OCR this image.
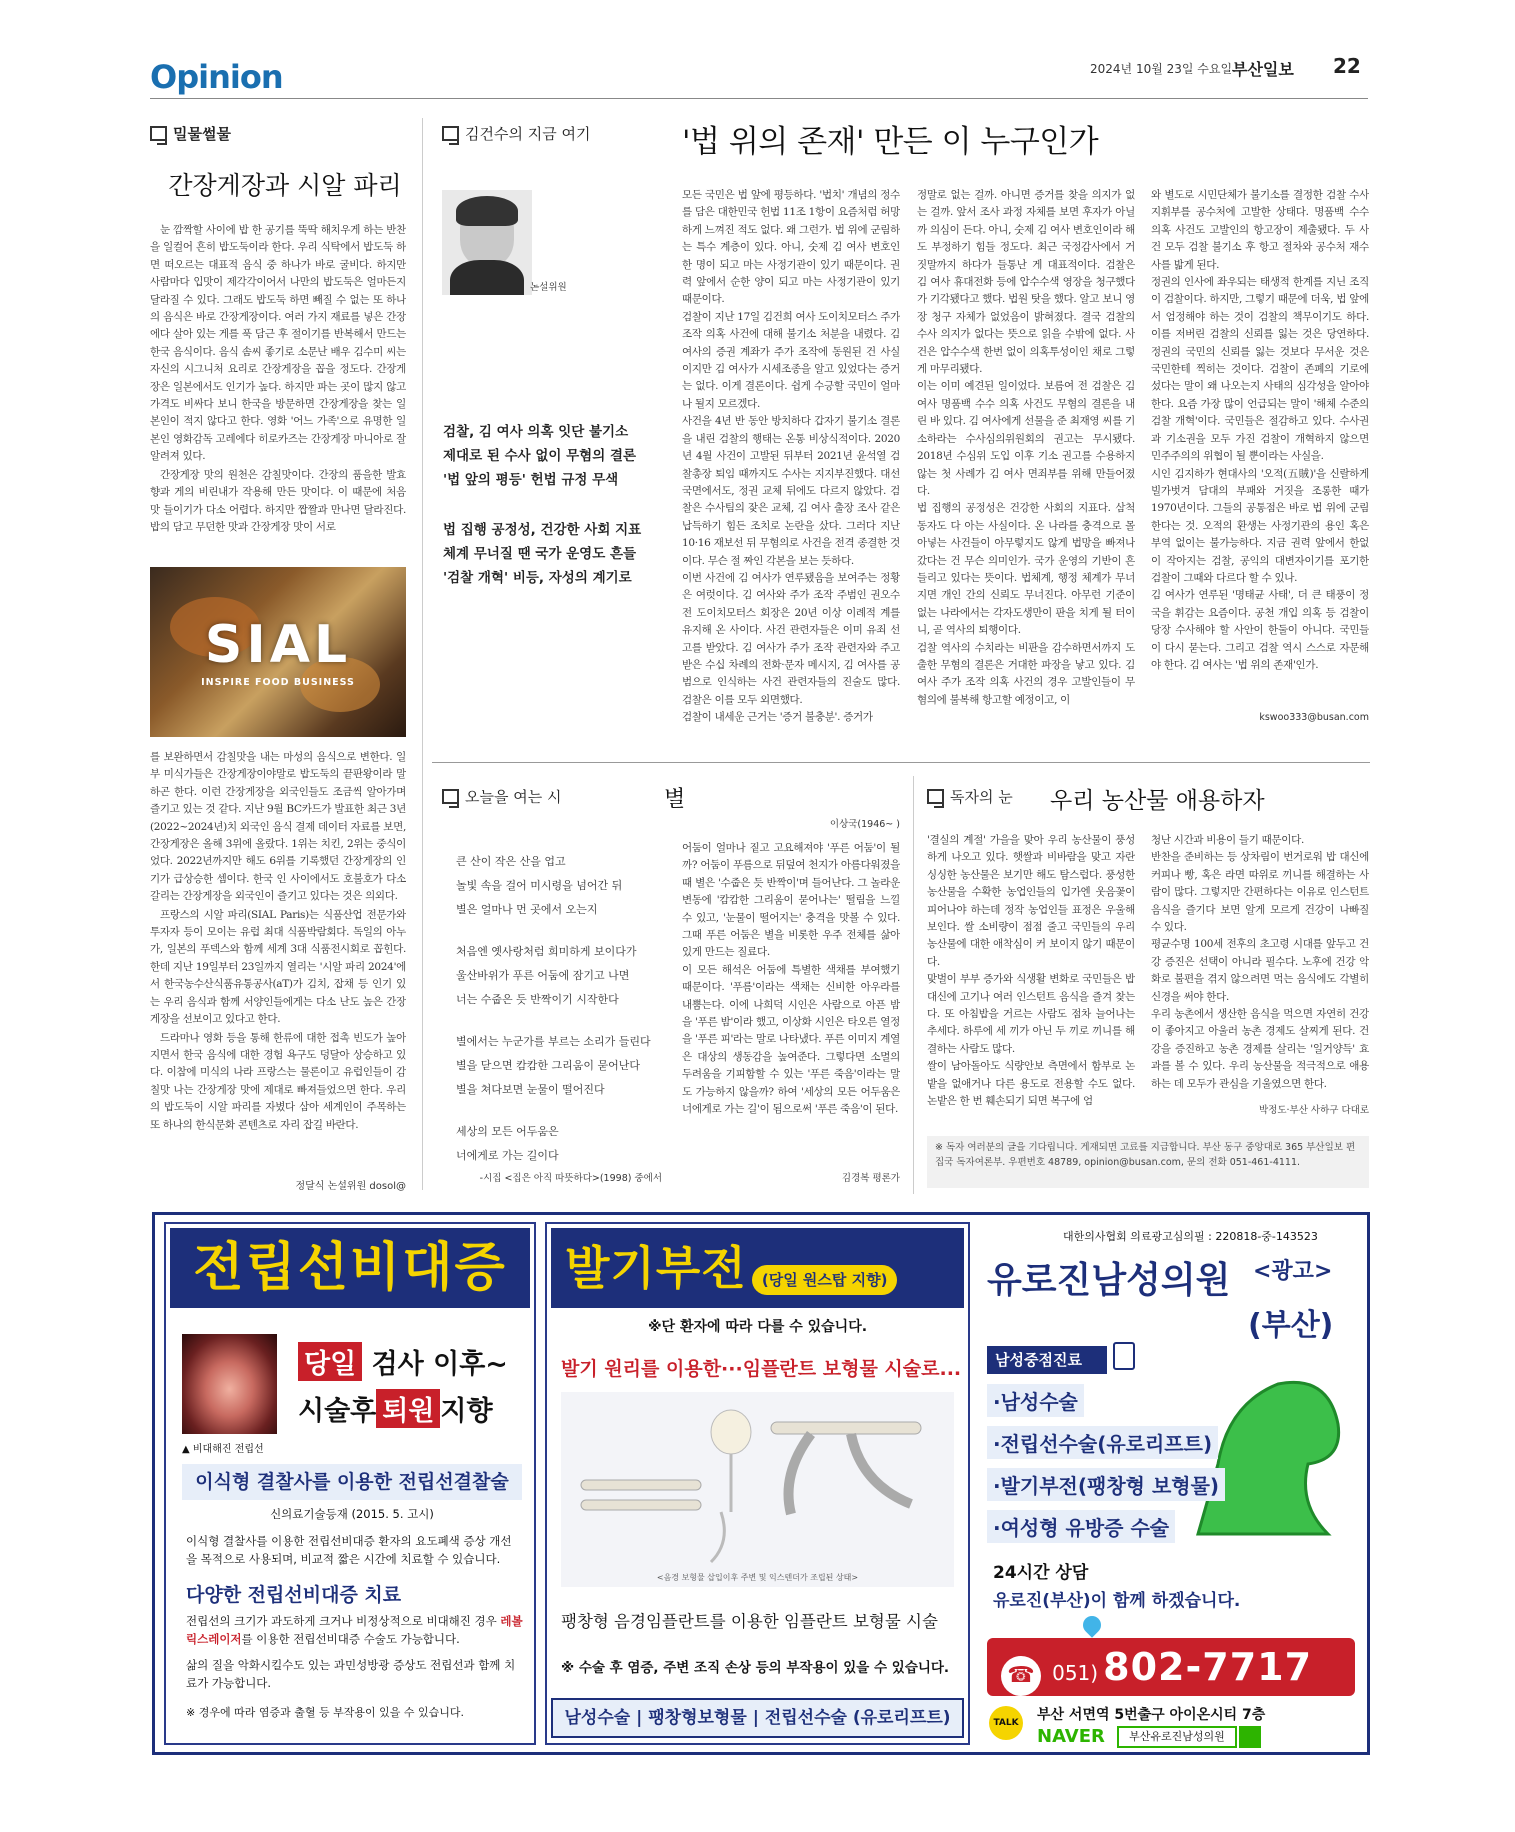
Opinion	2024년 10월 23일 수요일 부산일보 22
밀물썰물
간장게장과 시알 파리

눈 깜짝할 사이에 밥 한 공기를 뚝딱 해치우게 하는 반찬을 일컬어 흔히 밥도둑이라 한다. 우리 식탁에서 밥도둑 하면 떠오르는 대표적 음식 중 하나가 바로 굴비다. 하지만 사람마다 입맛이 제각각이어서 나만의 밥도둑은 얼마든지 달라질 수 있다. 그래도 밥도둑 하면 빼질 수 없는 또 하나의 음식은 바로 간장게장이다. 여러 가지 재료를 넣은 간장에다 살아 있는 게를 푹 담근 후 절이기를 반복해서 만드는 한국 음식이다. 음식 솜씨 좋기로 소문난 배우 김수미 씨는 자신의 시그니처 요리로 간장게장을 꼽을 정도다. 간장게장은 일본에서도 인기가 높다. 하지만 파는 곳이 많지 않고 가격도 비싸다 보니 한국을 방문하면 간장게장을 찾는 일본인이 적지 않다고 한다. 영화 '어느 가족'으로 유명한 일본인 영화감독 고레에다 히로카즈는 간장게장 마니아로 잘 알려져 있다.

간장게장 맛의 원천은 감칠맛이다. 간장의 품을한 발효 향과 게의 비린내가 작용해 만든 맛이다. 이 때문에 처음 맛 들이기가 다소 어렵다. 하지만 짭짤과 만나면 달라진다. 밥의 담고 무던한 맛과 간장게장 맛이 서로

SIAL
INSPIRE FOOD BUSINESS

를 보완하면서 감칠맛을 내는 마성의 음식으로 변한다. 일부 미식가들은 간장게장이야말로 밥도둑의 끝판왕이라 말하곤 한다. 이런 간장게장을 외국인들도 조금씩 알아가며 즐기고 있는 것 같다. 지난 9월 BC카드가 발표한 최근 3년(2022~2024년)치 외국인 음식 결제 데이터 자료를 보면, 간장게장은 올해 3위에 올랐다. 1위는 치킨, 2위는 중식이었다. 2022년까지만 해도 6위를 기록했던 간장게장의 인기가 급상승한 셈이다. 한국 인 사이에서도 호불호가 다소 갈리는 간장게장을 외국인이 즐기고 있다는 것은 의외다.

프랑스의 시알 파리(SIAL Paris)는 식품산업 전문가와 투자자 등이 모이는 유럽 최대 식품박람회다. 독일의 아누가, 일본의 푸덱스와 함께 세계 3대 식품전시회로 꼽힌다. 한데 지난 19일부터 23일까지 열리는 '시알 파리 2024'에서 한국농수산식품유통공사(aT)가 김치, 잡채 등 인기 있는 우리 음식과 함께 서양인들에게는 다소 난도 높은 간장게장을 선보이고 있다고 한다.

드라마나 영화 등을 통해 한류에 대한 접촉 빈도가 높아지면서 한국 음식에 대한 경험 욕구도 덩달아 상승하고 있다. 이참에 미식의 나라 프랑스는 물론이고 유럽인들이 감칠맛 나는 간장게장 맛에 제대로 빠져들었으면 한다. 우리의 밥도둑이 시알 파리를 자볐다 삼아 세계인이 주목하는 또 하나의 한식문화 콘텐츠로 자리 잡길 바란다.

정달식 논설위원 dosol@
김건수의 지금 여기	'법 위의 존재' 만든 이 누구인가
논설위원
검찰, 김 여사 의혹 잇단 불기소
제대로 된 수사 없이 무혐의 결론
'법 앞의 평등' 헌법 규정 무색
법 집행 공정성, 건강한 사회 지표
체계 무너질 땐 국가 운영도 흔들
'검찰 개혁' 비등, 자성의 계기로
모든 국민은 법 앞에 평등하다. '법치' 개념의 정수를 담은 대한민국 헌법 11조 1항이 요즘처럼 허망하게 느껴진 적도 없다. 왜 그런가. 법 위에 군림하는 특수 계층이 있다. 아니, 숫제 김 여사 변호인 한 명이 되고 마는 사정기관이 있기 때문이다. 권력 앞에서 순한 양이 되고 마는 사정기관이 있기 때문이다.
검찰이 지난 17일 김건희 여사 도이치모터스 주가 조작 의혹 사건에 대해 불기소 처분을 내렸다. 김 여사의 증권 계좌가 주가 조작에 동원된 건 사실이지만 김 여사가 시세조종을 알고 있었다는 증거는 없다. 이게 결론이다. 쉽게 수긍할 국민이 얼마나 될지 모르겠다.
사건을 4년 반 동안 방치하다 갑자기 불기소 결론을 내린 검찰의 행태는 온통 비상식적이다. 2020년 4월 사건이 고발된 뒤부터 2021년 윤석열 검찰총장 퇴임 때까지도 수사는 지지부진했다. 대선 국면에서도, 정권 교체 뒤에도 다르지 않았다. 검찰은 수사팀의 잦은 교체, 김 여사 출장 조사 같은 납득하기 힘든 조치로 논란을 샀다. 그러다 지난 10·16 재보선 뒤 무혐의로 사건을 전격 종결한 것이다. 무슨 절 짜인 각본을 보는 듯하다.
이번 사건에 김 여사가 연루됐음을 보여주는 정황은 여럿이다. 김 여사와 주가 조작 주범인 권오수 전 도이치모터스 회장은 20년 이상 이례적 계를 유지해 온 사이다. 사건 관련자들은 이미 유죄 선고를 받았다. 김 여사가 주가 조작 관련자와 주고받은 수십 차례의 전화·문자 메시지, 김 여사를 공범으로 인식하는 사건 관련자들의 진술도 많다. 검찰은 이를 모두 외면했다.
검찰이 내세운 근거는 '증거 불충분'. 증거가
정말로 없는 걸까. 아니면 증거를 찾을 의지가 없는 걸까. 앞서 조사 과정 자체를 보면 후자가 아닐까 의심이 든다. 아니, 숫제 김 여사 변호인이라 해도 부정하기 힘들 정도다. 최근 국정감사에서 거짓말까지 하다가 들통난 게 대표적이다. 검찰은 김 여사 휴대전화 등에 압수수색 영장을 청구했다가 기각됐다고 했다. 법원 탓을 했다. 알고 보니 영장 청구 자체가 없었음이 밝혀졌다. 결국 검찰의 수사 의지가 없다는 뜻으로 읽을 수밖에 없다. 사건은 압수수색 한번 없이 의혹투성이인 채로 그렇게 마무리됐다.
이는 이미 예견된 일이었다. 보름여 전 검찰은 김 여사 명품백 수수 의혹 사건도 무혐의 결론을 내린 바 있다. 김 여사에게 선물을 준 최재영 씨를 기소하라는 수사심의위원회의 권고는 무시됐다. 2018년 수심위 도입 이후 기소 권고를 수용하지 않는 첫 사례가 김 여사 면죄부를 위해 만들어졌다.
법 집행의 공정성은 건강한 사회의 지표다. 삼척동자도 다 아는 사실이다. 온 나라를 충격으로 몰아넣는 사건들이 아무렇지도 않게 법망을 빠져나갔다는 건 무슨 의미인가. 국가 운영의 기반이 흔들리고 있다는 뜻이다. 법체계, 행정 체계가 무너지면 개인 간의 신뢰도 무너진다. 아무런 기준이 없는 나라에서는 각자도생만이 판을 치게 될 터이니, 곧 역사의 퇴행이다.
검찰 역사의 수치라는 비판을 감수하면서까지 도출한 무혐의 결론은 거대한 파장을 낳고 있다. 김 여사 주가 조작 의혹 사건의 경우 고발인들이 무혐의에 불복해 항고할 예정이고, 이
와 별도로 시민단체가 불기소를 결정한 검찰 수사 지휘부를 공수처에 고발한 상태다. 명품백 수수 의혹 사건도 고발인의 항고장이 제출됐다. 두 사건 모두 검찰 불기소 후 항고 절차와 공수처 재수사를 밟게 된다.
정권의 인사에 좌우되는 태생적 한계를 지닌 조직이 검찰이다. 하지만, 그렇기 때문에 더욱, 법 앞에서 엄정해야 하는 것이 검찰의 책무이기도 하다. 이를 저버린 검찰의 신뢰를 잃는 것은 당연하다. 정권의 국민의 신뢰를 잃는 것보다 무서운 것은 국민한테 찍히는 것이다. 검찰이 존폐의 기로에 섰다는 말이 왜 나오는지 사태의 심각성을 알아야 한다. 요즘 가장 많이 언급되는 말이 '해체 수준의 검찰 개혁'이다. 국민들은 절감하고 있다. 수사권과 기소권을 모두 가진 검찰이 개혁하지 않으면 민주주의의 위협이 될 뿐이라는 사실을.
시인 김지하가 현대사의 '오적(五賊)'을 신랄하게 빌가벗겨 담대의 부패와 거짓을 조롱한 때가 1970년이다. 그들의 공통점은 바로 법 위에 군림한다는 것. 오적의 환생는 사정기관의 용인 혹은 부역 없이는 불가능하다. 지금 권력 앞에서 한없이 작아지는 검찰, 공익의 대변자이기를 포기한 검찰이 그때와 다르다 할 수 있나.
김 여사가 연루된 '명태균 사태', 더 큰 태풍이 정국을 휘감는 요즘이다. 공천 개입 의혹 등 검찰이 당장 수사해야 할 사안이 한둘이 아니다. 국민들이 다시 묻는다. 그리고 검찰 역시 스스로 자문해야 한다. 김 여사는 '법 위의 존재'인가.
kswoo333@busan.com
오늘을 여는 시	별
이상국(1946~ )
큰 산이 작은 산을 업고
놀빛 속을 걸어 미시령을 넘어간 뒤
별은 얼마나 먼 곳에서 오는지
처음엔 옛사랑처럼 희미하게 보이다가
울산바위가 푸른 어둠에 잠기고 나면
너는 수줍은 듯 반짝이기 시작한다
별에서는 누군가를 부르는 소리가 들린다
별을 닫으면 캄캄한 그리움이 묻어난다
별을 쳐다보면 눈물이 떨어진다
세상의 모든 어두움은
너에게로 가는 길이다
-시집 <집은 아직 따뜻하다>(1998) 중에서
어둠이 얼마나 짙고 고요해져야 '푸른 어둠'이 될까? 어둠이 푸름으로 뒤덮여 천지가 아름다워졌을 때 별은 '수줍은 듯 반짝이'며 들어난다. 그 놀라운 변동에 '캄캄한 그리움이 묻어나는' 떨림을 느낄 수 있고, '눈물이 떨어지는' 충격을 맛볼 수 있다. 그때 푸른 어둠은 별을 비롯한 우주 전체를 삶아있게 만드는 질료다.
이 모든 해석은 어둠에 특별한 색채를 부여했기 때문이다. '푸름'이라는 색채는 신비한 아우라를 내뿜는다. 이에 나희덕 시인은 사람으로 아픈 밤을 '푸른 밤'이라 했고, 이상화 시인은 타오른 열정을 '푸른 피'라는 말로 나타냈다. 푸른 이미지 계열은 대상의 생동감을 높여준다. 그렇다면 소멸의 두려움을 기피함할 수 있는 '푸른 죽음'이라는 말도 가능하지 않을까? 하여 '세상의 모든 어두움은 너에게로 가는 길'이 됨으로써 '푸른 죽음'이 된다.
김경복 평론가
독자의 눈 우리 농산물 애용하자
'결실의 계절' 가을을 맞아 우리 농산물이 풍성하게 나오고 있다. 햇쌀과 비바람을 맞고 자란 싱싱한 농산물은 보기만 해도 탐스럽다. 풍성한 농산물을 수확한 농업인들의 입가엔 웃음꽃이 피어나야 하는데 정작 농업인들 표정은 우울해 보인다. 쌀 소비량이 점점 줄고 국민들의 우리 농산물에 대한 애착심이 커 보이지 않기 때문이다.
맞벌이 부부 증가와 식생활 변화로 국민들은 밥 대신에 고기나 여러 인스턴트 음식을 즐겨 찾는다. 또 아침밥을 거르는 사람도 점차 늘어나는 추세다. 하루에 세 끼가 아닌 두 끼로 끼니를 해결하는 사람도 많다.
쌀이 남아돌아도 식량안보 측면에서 함부로 논밭을 없애거나 다른 용도로 전용할 수도 없다. 논밭은 한 번 훼손되기 되면 복구에 엄
청난 시간과 비용이 들기 때문이다.
반찬을 준비하는 등 상차림이 번거로워 밥 대신에 커피나 빵, 혹은 라면 따위로 끼니를 해결하는 사람이 많다. 그렇지만 간편하다는 이유로 인스턴트 음식을 즐기다 보면 알게 모르게 건강이 나빠질 수 있다.
평균수명 100세 전후의 초고령 시대를 앞두고 건강 증진은 선택이 아니라 필수다. 노후에 건강 악화로 불편을 겪지 않으려면 먹는 음식에도 각별히 신경을 써야 한다.
우리 농촌에서 생산한 음식을 먹으면 자연히 건강이 좋아지고 아울러 농촌 경제도 살찌게 된다. 건강을 증진하고 농촌 경제를 살리는 '일거양득' 효과를 볼 수 있다. 우리 농산물을 적극적으로 애용하는 데 모두가 관심을 기울였으면 한다.
박정도·부산 사하구 다대로
※ 독자 여러분의 글을 기다립니다. 게재되면 고료를 지급합니다. 부산 동구 중앙대로 365 부산일보 편집국 독자여론부. 우편번호 48789, opinion@busan.com, 문의 전화 051-461-4111.
전립선비대증
당일 검사 이후~
시술후 퇴원 지향
▲ 비대해진 전립선
이식형 결찰사를 이용한 전립선결찰술
신의료기술등재 (2015. 5. 고시)
이식형 결찰사를 이용한 전립선비대증 환자의 요도폐색 증상 개선을 목적으로 사용되며, 비교적 짧은 시간에 치료할 수 있습니다.
다양한 전립선비대증 치료
전립선의 크기가 과도하게 크거나 비정상적으로 비대해진 경우 레볼릭스레이저를 이용한 전립선비대증 수술도 가능합니다.
삶의 질을 악화시킬수도 있는 과민성방광 증상도 전립선과 함께 치료가 가능합니다.
※ 경우에 따라 염증과 출혈 등 부작용이 있을 수 있습니다.
발기부전 (당일 원스탑 지향)
※단 환자에 따라 다를 수 있습니다.
발기 원리를 이용한···임플란트 보형물 시술로...
<음경 보형물 삽입이후 주변 및 익스텐더가 조립된 상태>
팽창형 음경임플란트를 이용한 임플란트 보형물 시술
※ 수술 후 염증, 주변 조직 손상 등의 부작용이 있을 수 있습니다.
남성수술 | 팽창형보형물 | 전립선수술 (유로리프트)
대한의사협회 의료광고심의필 : 220818-중-143523
유로진남성의원 <광고>
(부산)
남성중점진료
·남성수술
·전립선수술(유로리프트)
·발기부전(팽창형 보형물)
·여성형 유방증 수술
24시간 상담
유로진(부산)이 함께 하겠습니다.
☎ 051) 802-7717
TALK	부산 서면역 5번출구 아이온시티 7층
NAVER	부산유로진남성의원
